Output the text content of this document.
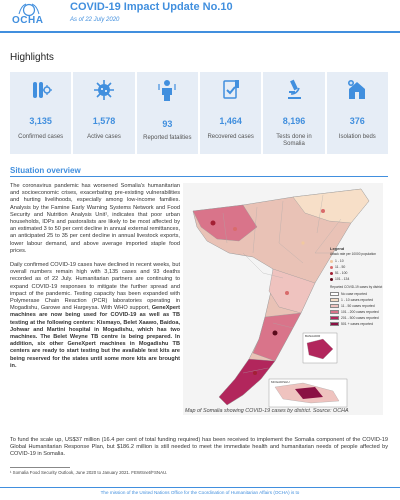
OCHA
COVID-19 Impact Update No.10
As of 22 July 2020
Highlights
3,135
Confirmed cases
1,578
Active cases
93
Reported fatalities
1,464
Recovered cases
8,196
Tests done in Somalia
376
Isolation beds
Situation overview

The coronavirus pandemic has worsened Somalia's humanitarian and socioeconomic crises, exacerbating pre-existing vulnerabilities and hurting livelihoods, especially among low-income families. Analysis by the Famine Early Warning Systems Network and Food Security and Nutrition Analysis Unit¹, indicates that poor urban households, IDPs and pastoralists are likely to be most affected by an estimated 3 to 50 per cent decline in annual external remittances, an anticipated 25 to 35 per cent decline in annual livestock exports, lower labour demand, and above average imported staple food prices.

Daily confirmed COVID-19 cases have declined in recent weeks, but overall numbers remain high with 3,135 cases and 93 deaths recorded as of 22 July. Humanitarian partners are continuing to expand COVID-19 responses to mitigate the further spread and impact of the pandemic. Testing capacity has been expanded with Polymerase Chain Reaction (PCR) laboratories operating in Mogadishu, Garowe and Hargeysa. With WHO support, GeneXpert machines are now being used for COVID-19 as well as TB testing at the following centers: Kismayo, Belet Xaawo, Baidoa, Johwar and Martini hospital in Mogadishu, which has two machines. The Belet Weyne TB centre is being prepared. In addition, six other GeneXpert machines in Mogadishu TB centers are ready to start testing but the available test kits are being reserved for the states until some more kits are brought in.

BANAADIR
MOGADISHU
Legend
Attack rate per 10000 population
1 - 10
11 - 50
51 - 100
101 - 134
Reported COVID-19 cases by district
No case reported
1 - 10 cases reported
11 - 50 cases reported
101 - 200 cases reported
201 - 500 cases reported
501 + cases reported
Map of Somalia showing COVID-19 cases by district. Source: OCHA

To fund the scale up, US$37 million (16.4 per cent of total funding required) has been received to implement the Somalia component of the COVID-19 Global Humanitarian Response Plan, but $186.2 million is still needed to meet the immediate health and humanitarian needs of people affected by COVID-19 in Somalia.

¹ Somalia Food Security Outlook, June 2020 to January 2021. FEWSnet/FSNAU.
The mission of the United Nations Office for the Coordination of Humanitarian Affairs (OCHA) is to
